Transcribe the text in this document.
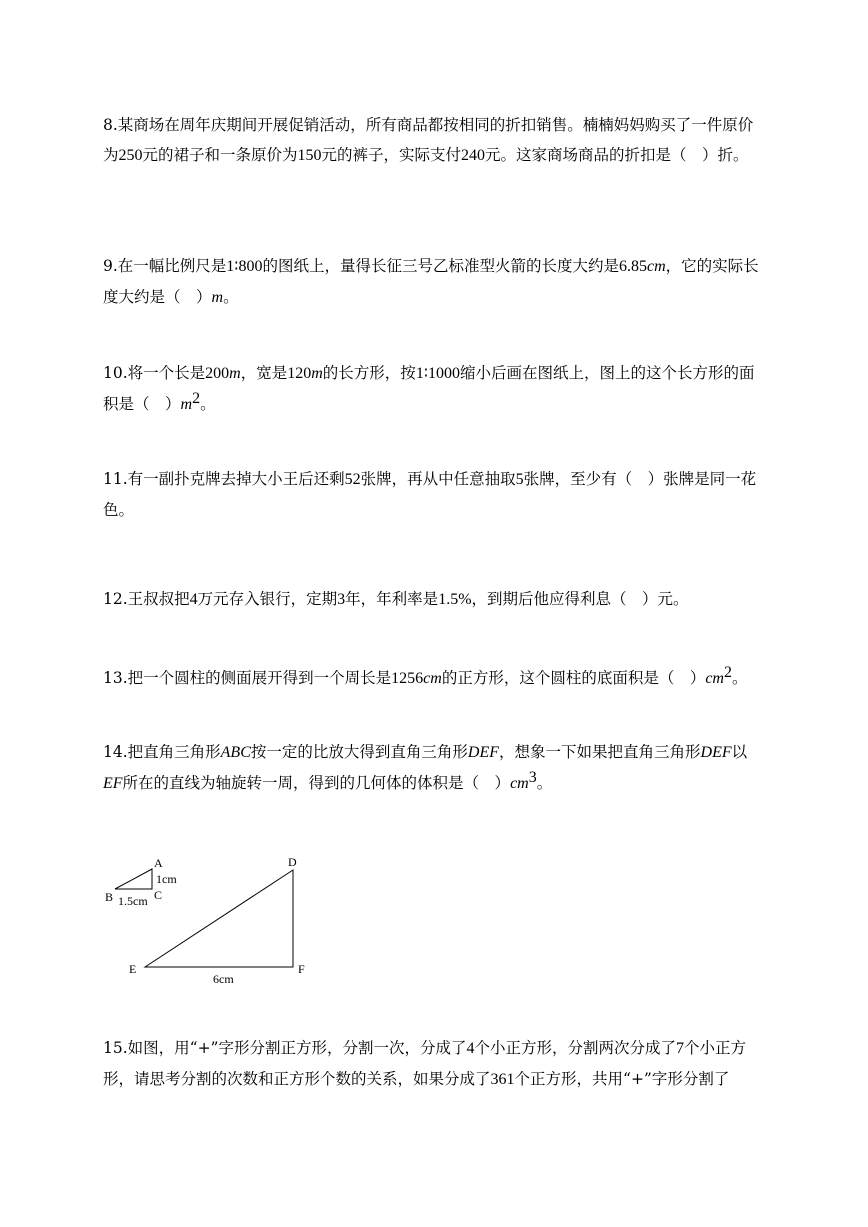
8.某商场在周年庆期间开展促销活动，所有商品都按相同的折扣销售。楠楠妈妈购买了一件原价为250元的裙子和一条原价为150元的裤子，实际支付240元。这家商场商品的折扣是（　）折。

9.在一幅比例尺是1∶800的图纸上，量得长征三号乙标准型火箭的长度大约是6.85cm，它的实际长度大约是（　）m。

10.将一个长是200m，宽是120m的长方形，按1∶1000缩小后画在图纸上，图上的这个长方形的面积是（　）$m^2$。

11.有一副扑克牌去掉大小王后还剩52张牌，再从中任意抽取5张牌，至少有（　）张牌是同一花色。

12.王叔叔把4万元存入银行，定期3年，年利率是1.5%，到期后他应得利息（　）元。

13.把一个圆柱的侧面展开得到一个周长是1256cm的正方形，这个圆柱的底面积是（　）$cm^2$。

14.把直角三角形ABC按一定的比放大得到直角三角形DEF，想象一下如果把直角三角形DEF以EF所在的直线为轴旋转一周，得到的几何体的体积是（　）$cm^3$。

A
B	C
1cm
1.5cm
D
E	F
6cm

15.如图，用“+”字形分割正方形，分割一次，分成了4个小正方形，分割两次分成了7个小正方形，请思考分割的次数和正方形个数的关系，如果分成了361个正方形，共用“+”字形分割了
